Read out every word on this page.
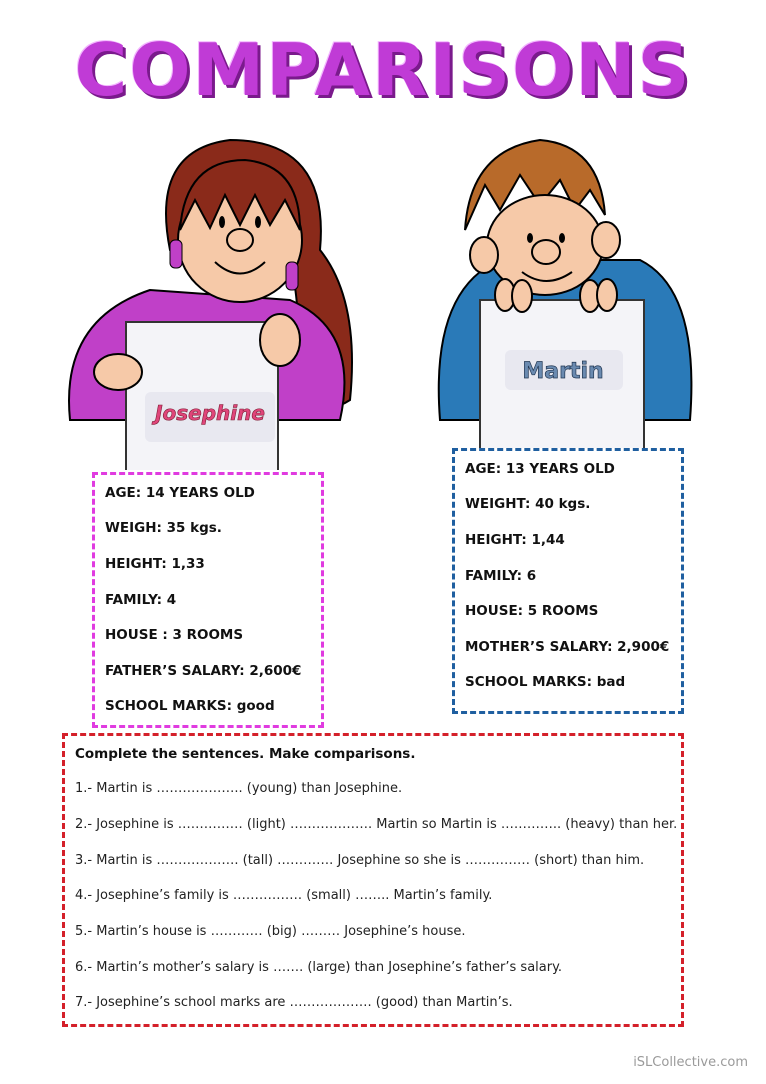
COMPARISONS
Josephine
Martin
AGE: 14 YEARS OLD
WEIGH: 35 kgs.
HEIGHT: 1,33
FAMILY: 4
HOUSE : 3 ROOMS
FATHER’S SALARY: 2,600€
SCHOOL MARKS: good
AGE: 13 YEARS OLD
WEIGHT: 40 kgs.
HEIGHT: 1,44
FAMILY: 6
HOUSE: 5 ROOMS
MOTHER’S SALARY: 2,900€
SCHOOL MARKS: bad
Complete the sentences. Make comparisons.
1.- Martin is ……………….. (young) than Josephine.
2.- Josephine is …………… (light) ………………. Martin so Martin is ………….. (heavy) than her.
3.- Martin is ………………. (tall) …………. Josephine so she is …………… (short) than him.
4.- Josephine’s family is ……………. (small) …….. Martin’s family.
5.- Martin’s house is ………… (big) ……… Josephine’s house.
6.- Martin’s mother’s salary is ……. (large) than Josephine’s father’s salary.
7.- Josephine’s school marks are ………………. (good) than Martin’s.
iSLCollective.com
